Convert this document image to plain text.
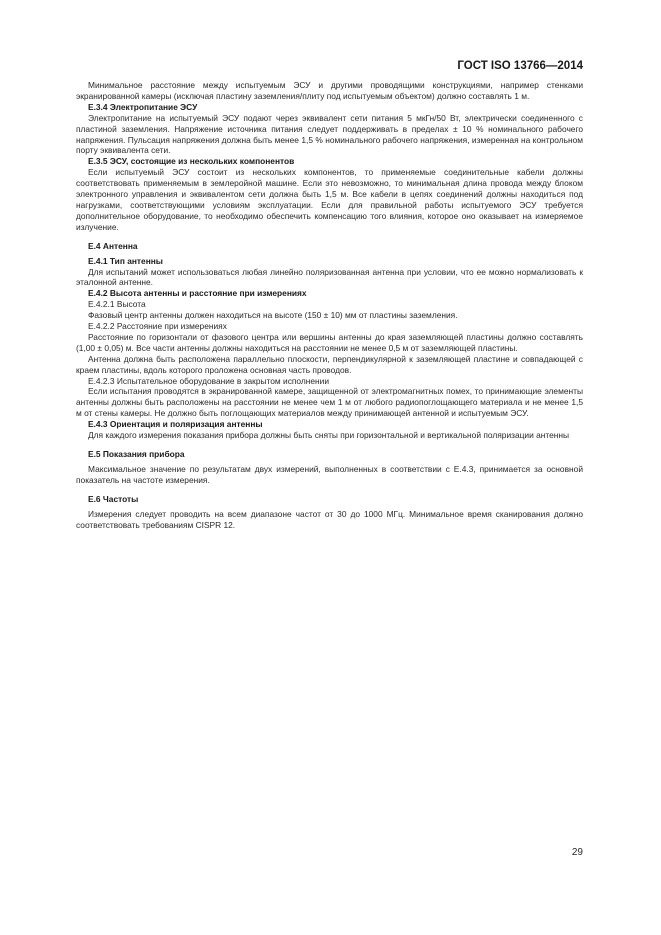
ГОСТ ISO 13766—2014

Минимальное расстояние между испытуемым ЭСУ и другими проводящими конструкциями, например стенками экранированной камеры (исключая пластину заземления/плиту под испытуемым объектом) должно составлять 1 м.

Е.3.4 Электропитание ЭСУ

Электропитание на испытуемый ЭСУ подают через эквивалент сети питания 5 мкГн/50 Вт, электрически соединенного с пластиной заземления. Напряжение источника питания следует поддерживать в пределах ± 10 % номинального рабочего напряжения. Пульсация напряжения должна быть менее 1,5 % номинального рабочего напряжения, измеренная на контрольном порту эквивалента сети.

Е.3.5 ЭСУ, состоящие из нескольких компонентов

Если испытуемый ЭСУ состоит из нескольких компонентов, то применяемые соединительные кабели должны соответствовать применяемым в землеройной машине. Если это невозможно, то минимальная длина провода между блоком электронного управления и эквивалентом сети должна быть 1,5 м. Все кабели в цепях соединений должны находиться под нагрузками, соответствующими условиям эксплуатации. Если для правильной работы испытуемого ЭСУ требуется дополнительное оборудование, то необходимо обеспечить компенсацию того влияния, которое оно оказывает на измеряемое излучение.

Е.4 Антенна

Е.4.1 Тип антенны

Для испытаний может использоваться любая линейно поляризованная антенна при условии, что ее можно нормализовать к эталонной антенне.

Е.4.2 Высота антенны и расстояние при измерениях

Е.4.2.1 Высота

Фазовый центр антенны должен находиться на высоте (150 ± 10) мм от пластины заземления.

Е.4.2.2 Расстояние при измерениях

Расстояние по горизонтали от фазового центра или вершины антенны до края заземляющей пластины должно составлять (1,00 ± 0,05) м. Все части антенны должны находиться на расстоянии не менее 0,5 м от заземляющей пластины.

Антенна должна быть расположена параллельно плоскости, перпендикулярной к заземляющей пластине и совпадающей с краем пластины, вдоль которого проложена основная часть проводов.

Е.4.2.3 Испытательное оборудование в закрытом исполнении

Если испытания проводятся в экранированной камере, защищенной от электромагнитных помех, то принимающие элементы антенны должны быть расположены на расстоянии не менее чем 1 м от любого радиопоглощающего материала и не менее 1,5 м от стены камеры. Не должно быть поглощающих материалов между принимающей антенной и испытуемым ЭСУ.

Е.4.3 Ориентация и поляризация антенны

Для каждого измерения показания прибора должны быть сняты при горизонтальной и вертикальной поляризации антенны

Е.5 Показания прибора

Максимальное значение по результатам двух измерений, выполненных в соответствии с Е.4.3, принимается за основной показатель на частоте измерения.

Е.6 Частоты

Измерения следует проводить на всем диапазоне частот от 30 до 1000 МГц. Минимальное время сканирования должно соответствовать требованиям CISPR 12.

29
